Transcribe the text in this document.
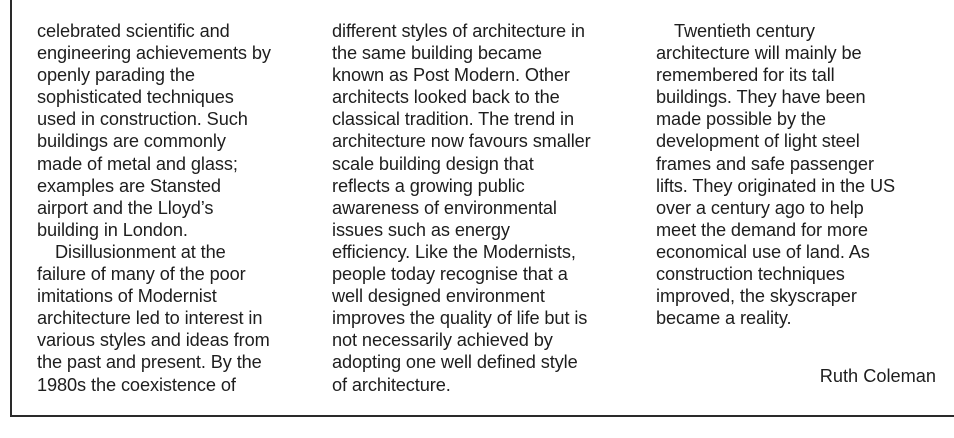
celebrated scientific and
engineering achievements by
openly parading the
sophisticated techniques
used in construction. Such
buildings are commonly
made of metal and glass;
examples are Stansted
airport and the Lloyd’s
building in London.
Disillusionment at the
failure of many of the poor
imitations of Modernist
architecture led to interest in
various styles and ideas from
the past and present. By the
1980s the coexistence of
different styles of architecture in
the same building became
known as Post Modern. Other
architects looked back to the
classical tradition. The trend in
architecture now favours smaller
scale building design that
reflects a growing public
awareness of environmental
issues such as energy
efficiency. Like the Modernists,
people today recognise that a
well designed environment
improves the quality of life but is
not necessarily achieved by
adopting one well defined style
of architecture.
Twentieth century
architecture will mainly be
remembered for its tall
buildings. They have been
made possible by the
development of light steel
frames and safe passenger
lifts. They originated in the US
over a century ago to help
meet the demand for more
economical use of land. As
construction techniques
improved, the skyscraper
became a reality.
Ruth Coleman
